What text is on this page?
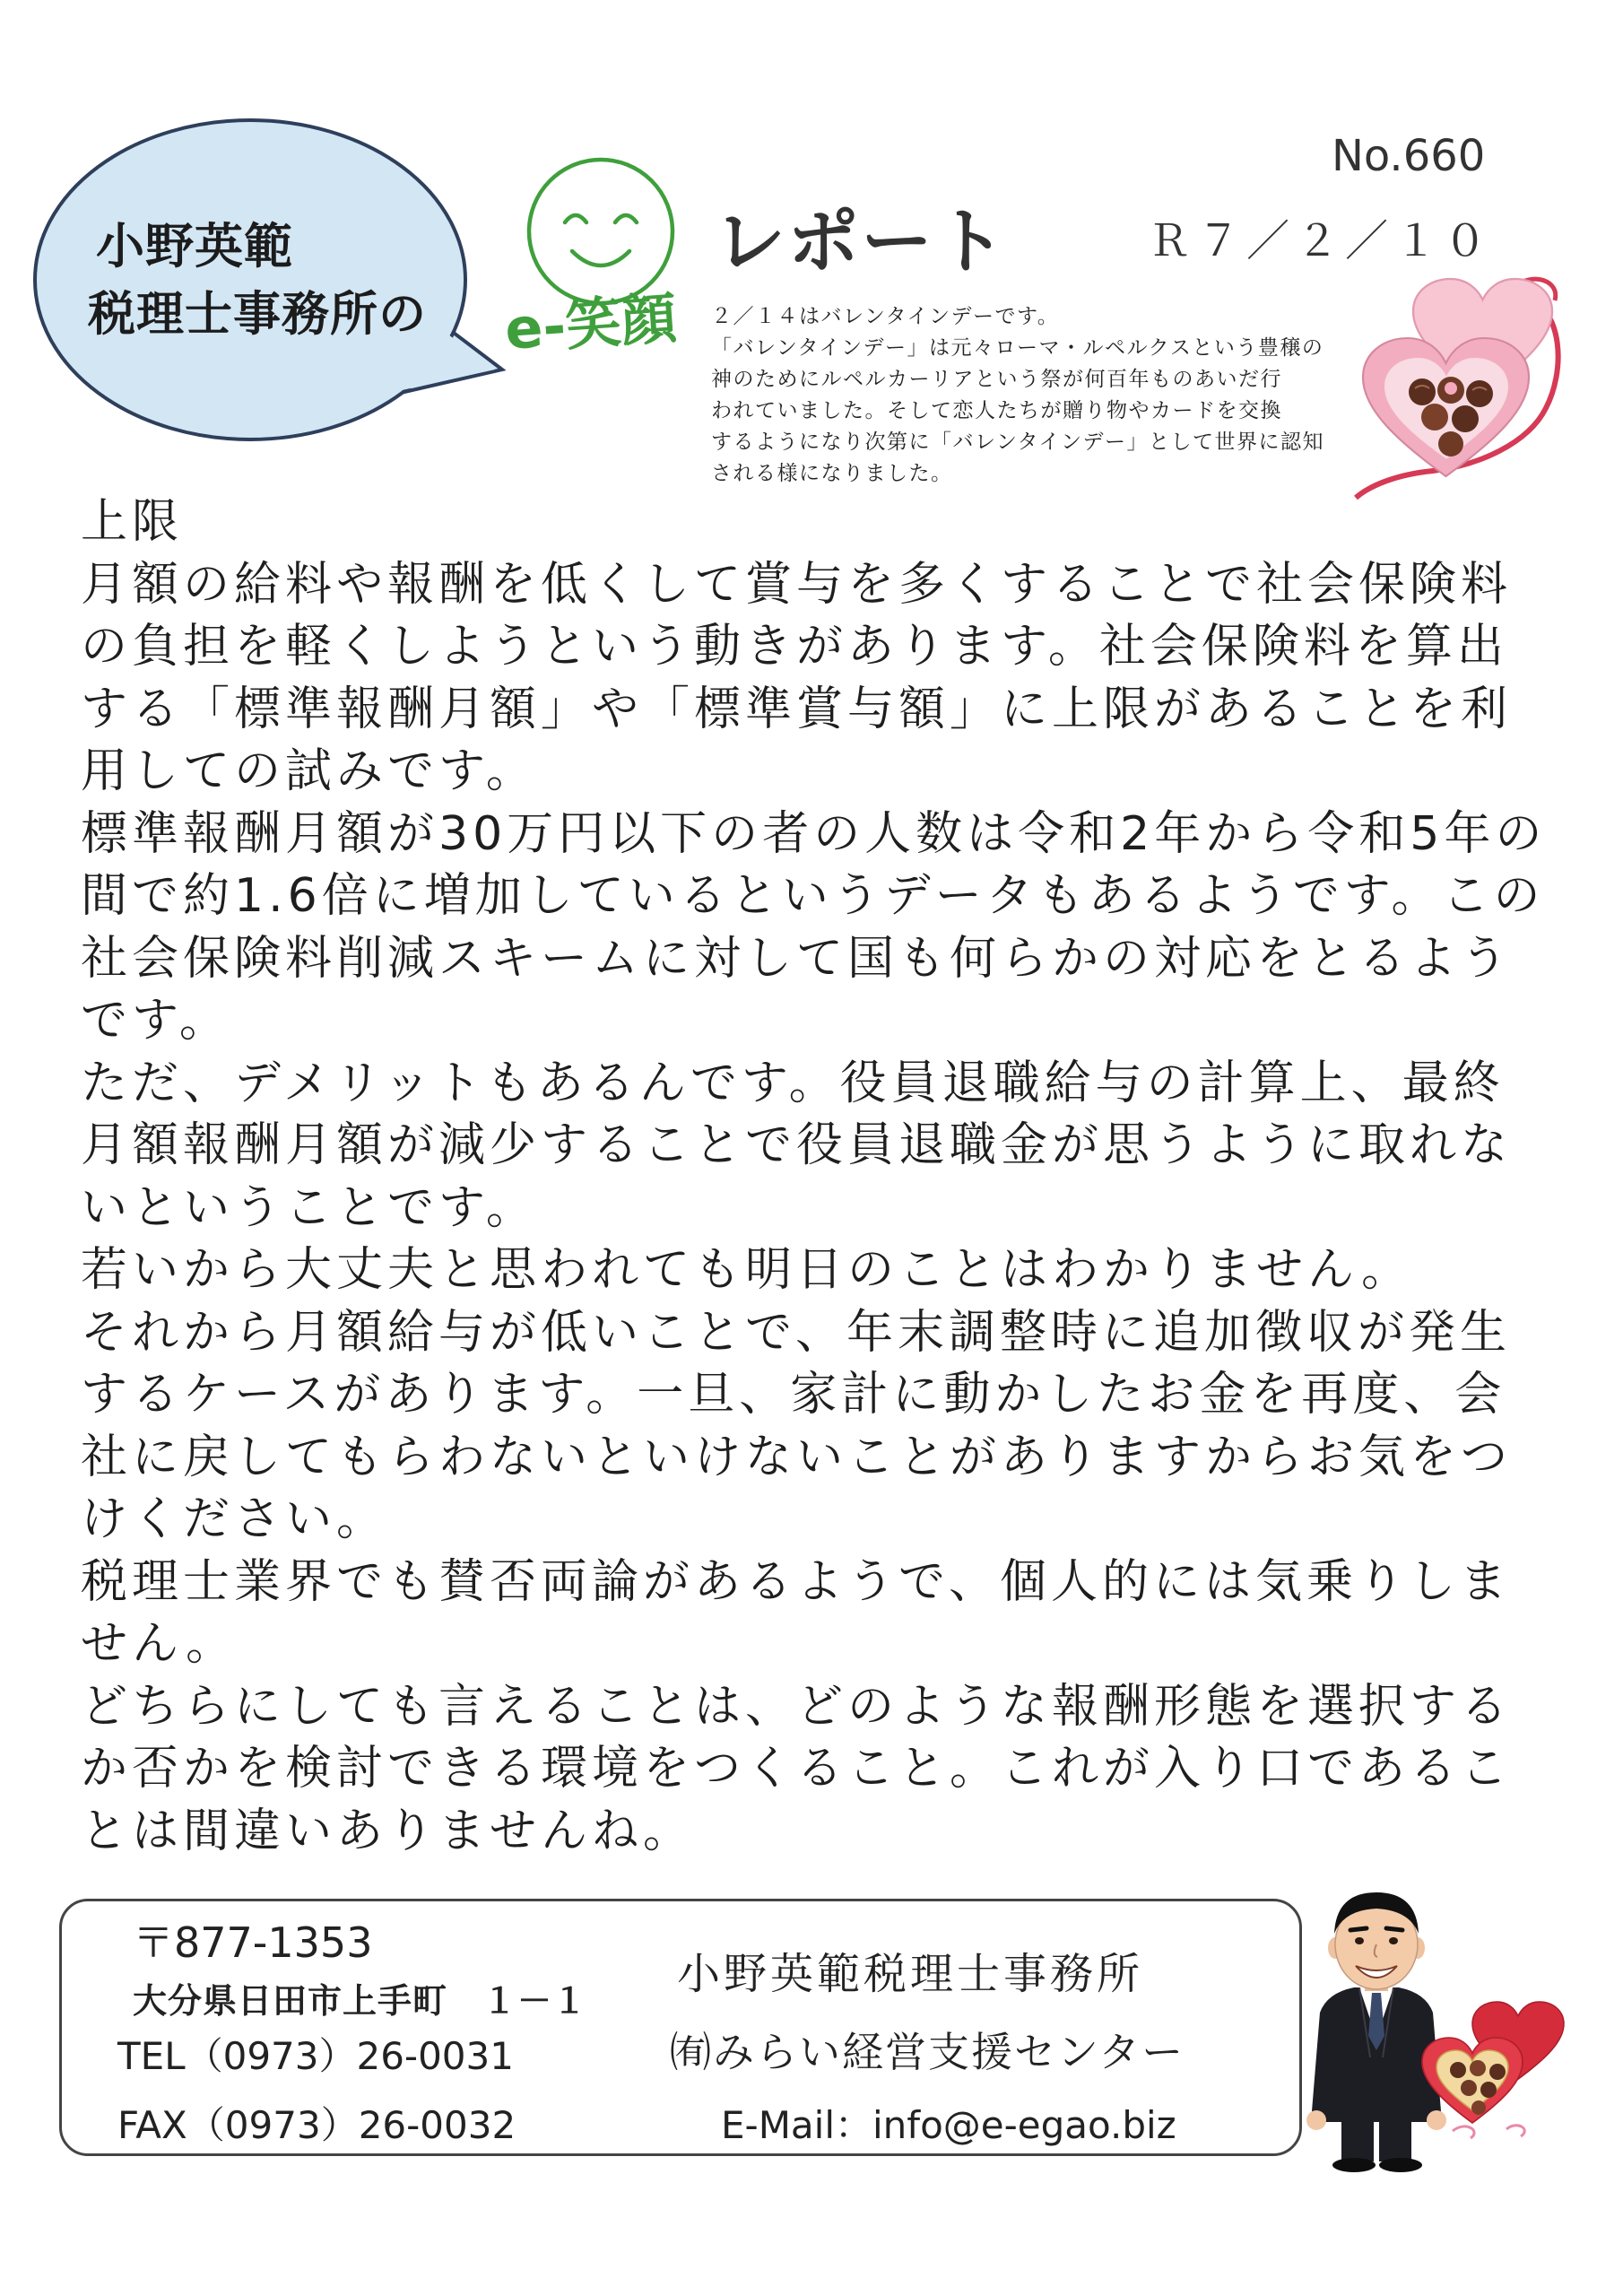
小野英範
税理士事務所の e-笑顔
レポート
No.660
Ｒ７／２／１０
２／１４はバレンタインデーです。
「バレンタインデー」は元々ローマ・ルペルクスという豊穣の
神のためにルペルカーリアという祭が何百年ものあいだ行
われていました。そして恋人たちが贈り物やカードを交換
するようになり次第に「バレンタインデー」として世界に認知
される様になりました。
上限
月額の給料や報酬を低くして賞与を多くすることで社会保険料
の負担を軽くしようという動きがあります。社会保険料を算出
する「標準報酬月額」や「標準賞与額」に上限があることを利
用しての試みです。
標準報酬月額が30万円以下の者の人数は令和2年から令和5年の
間で約1.6倍に増加しているというデータもあるようです。この
社会保険料削減スキームに対して国も何らかの対応をとるよう
です。
ただ、デメリットもあるんです。役員退職給与の計算上、最終
月額報酬月額が減少することで役員退職金が思うように取れな
いということです。
若いから大丈夫と思われても明日のことはわかりません。
それから月額給与が低いことで、年末調整時に追加徴収が発生
するケースがあります。一旦、家計に動かしたお金を再度、会
社に戻してもらわないといけないことがありますからお気をつ
けください。
税理士業界でも賛否両論があるようで、個人的には気乗りしま
せん。
どちらにしても言えることは、どのような報酬形態を選択する
か否かを検討できる環境をつくること。これが入り口であるこ
とは間違いありませんね。
〒877-1353
大分県日田市上手町　１－１
TEL（0973）26-0031
FAX（0973）26-0032
小野英範税理士事務所
㈲みらい経営支援センター
E-Mail：info@e-egao.biz
